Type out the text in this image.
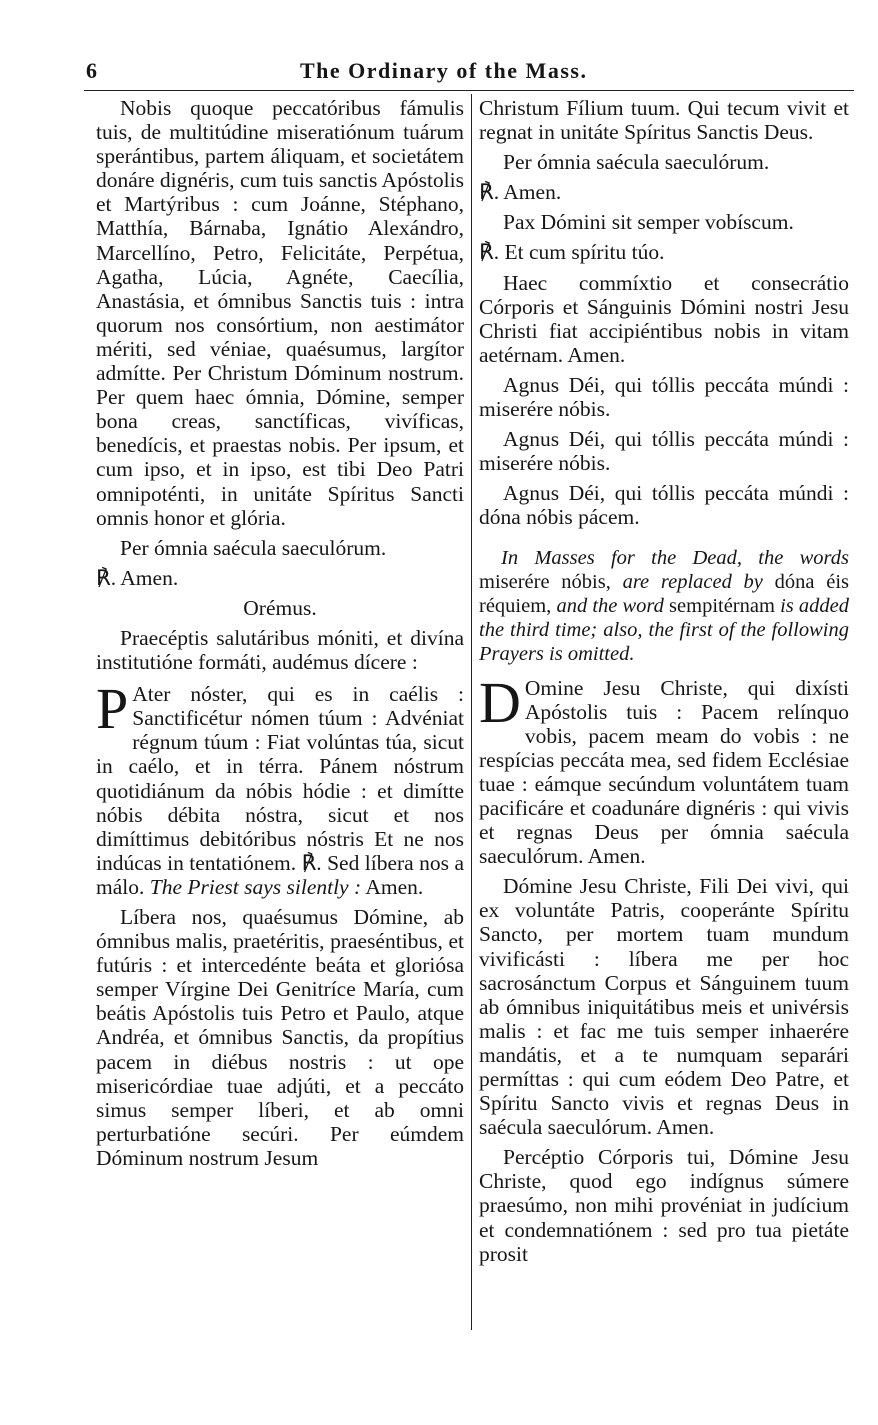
6	The Ordinary of the Mass.

Nobis quoque peccatóribus fámulis tuis, de multitúdine miseratiónum tuárum sperántibus, partem áliquam, et societátem donáre dignéris, cum tuis sanctis Apóstolis et Martýribus : cum Joánne, Stéphano, Matthía, Bárnaba, Ignátio Alexándro, Marcellíno, Petro, Felicitáte, Perpétua, Agatha, Lúcia, Agnéte, Caecília, Anastásia, et ómnibus Sanctis tuis : intra quorum nos consórtium, non aestimátor mériti, sed véniae, quaésumus, largítor admítte. Per Christum Dóminum nostrum. Per quem haec ómnia, Dómine, semper bona creas, sanctíficas, vivíficas, benedícis, et praestas nobis. Per ipsum, et cum ipso, et in ipso, est tibi Deo Patri omnipoténti, in unitáte Spíritus Sancti omnis honor et glória.

Per ómnia saécula saeculórum.

℟. Amen.

Orémus.

Praecéptis salutáribus móniti, et divína institutióne formáti, audémus dícere :

P Ater nóster, qui es in caélis : Sanctificétur nómen túum : Advéniat régnum túum : Fiat volúntas túa, sicut in caélo, et in térra. Pánem nóstrum quotidiánum da nóbis hódie : et dimítte nóbis débita nóstra, sicut et nos dimíttimus debitóribus nóstris Et ne nos indúcas in tentatiónem. ℟. Sed líbera nos a málo. The Priest says silently : Amen.

Líbera nos, quaésumus Dómine, ab ómnibus malis, praetéritis, praeséntibus, et futúris : et intercedénte beáta et gloriósa semper Vírgine Dei Genitríce María, cum beátis Apóstolis tuis Petro et Paulo, atque Andréa, et ómnibus Sanctis, da propítius pacem in diébus nostris : ut ope misericórdiae tuae adjúti, et a peccáto simus semper líberi, et ab omni perturbatióne secúri. Per eúmdem Dóminum nostrum Jesum

Christum Fílium tuum. Qui tecum vivit et regnat in unitáte Spíritus Sanctis Deus.

Per ómnia saécula saeculórum.

℟. Amen.

Pax Dómini sit semper vobíscum.

℟. Et cum spíritu túo.

Haec commíxtio et consecrátio Córporis et Sánguinis Dómini nostri Jesu Christi fiat accipiéntibus nobis in vitam aetérnam. Amen.

Agnus Déi, qui tóllis peccáta múndi : miserére nóbis.

Agnus Déi, qui tóllis peccáta múndi : miserére nóbis.

Agnus Déi, qui tóllis peccáta múndi : dóna nóbis pácem.

In Masses for the Dead, the words miserére nóbis, are replaced by dóna éis réquiem, and the word sempitérnam is added the third time; also, the first of the following Prayers is omitted.

D Omine Jesu Christe, qui dixísti Apóstolis tuis : Pacem relínquo vobis, pacem meam do vobis : ne respícias peccáta mea, sed fidem Ecclésiae tuae : eámque secúndum voluntátem tuam pacificáre et coadunáre dignéris : qui vivis et regnas Deus per ómnia saécula saeculórum. Amen.

Dómine Jesu Christe, Fili Dei vivi, qui ex voluntáte Patris, cooperánte Spíritu Sancto, per mortem tuam mundum vivificásti : líbera me per hoc sacrosánctum Corpus et Sánguinem tuum ab ómnibus iniquitátibus meis et univérsis malis : et fac me tuis semper inhaerére mandátis, et a te numquam separári permíttas : qui cum eódem Deo Patre, et Spíritu Sancto vivis et regnas Deus in saécula saeculórum. Amen.

Percéptio Córporis tui, Dómine Jesu Christe, quod ego indígnus súmere praesúmo, non mihi provéniat in judícium et condemnatiónem : sed pro tua pietáte prosit
